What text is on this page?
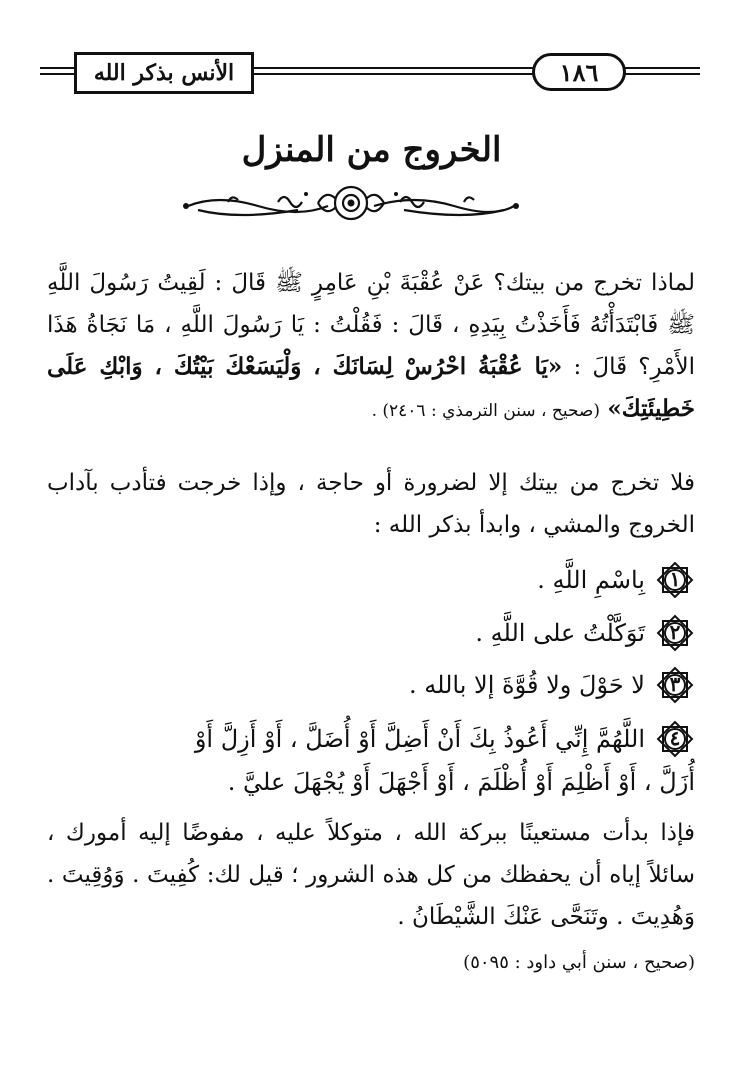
١٨٦
الأنس بذكر الله
الخروج من المنزل

لماذا تخرج من بيتك؟ عَنْ عُقْبَةَ بْنِ عَامِرٍ ﷺ قَالَ : لَقِيتُ رَسُولَ اللَّهِ ﷺ فَابْتَدَأْتُهُ فَأَخَذْتُ بِيَدِهِ ، قَالَ : فَقُلْتُ : يَا رَسُولَ اللَّهِ ، مَا نَجَاةُ هَذَا الأَمْرِ؟ قَالَ : «يَا عُقْبَةُ احْرُسْ لِسَانَكَ ، وَلْيَسَعْكَ بَيْتُكَ ، وَابْكِ عَلَى خَطِيئَتِكَ» (صحيح ، سنن الترمذي : ٢٤٠٦) .

فلا تخرج من بيتك إلا لضرورة أو حاجة ، وإذا خرجت فتأدب بآداب الخروج والمشي ، وابدأ بذكر الله :

١
بِاسْمِ اللَّهِ .
٢
تَوَكَّلْتُ على اللَّهِ .
٣
لا حَوْلَ ولا قُوَّةَ إلا بالله .
٤
اللَّهُمَّ إِنِّي أَعُوذُ بِكَ أَنْ أَضِلَّ أَوْ أُضَلَّ ، أَوْ أَزِلَّ أَوْ
أُزَلَّ ، أَوْ أَظْلِمَ أَوْ أُظْلَمَ ، أَوْ أَجْهَلَ أَوْ يُجْهَلَ عليَّ .

فإذا بدأت مستعينًا ببركة الله ، متوكلاً عليه ، مفوضًا إليه أمورك ، سائلاً إياه أن يحفظك من كل هذه الشرور ؛ قيل لك: كُفِيتَ . وَوُقِيتَ . وَهُدِيتَ . وتَنَحَّى عَنْكَ الشَّيْطَانُ .

(صحيح ، سنن أبي داود : ٥٠٩٥)
